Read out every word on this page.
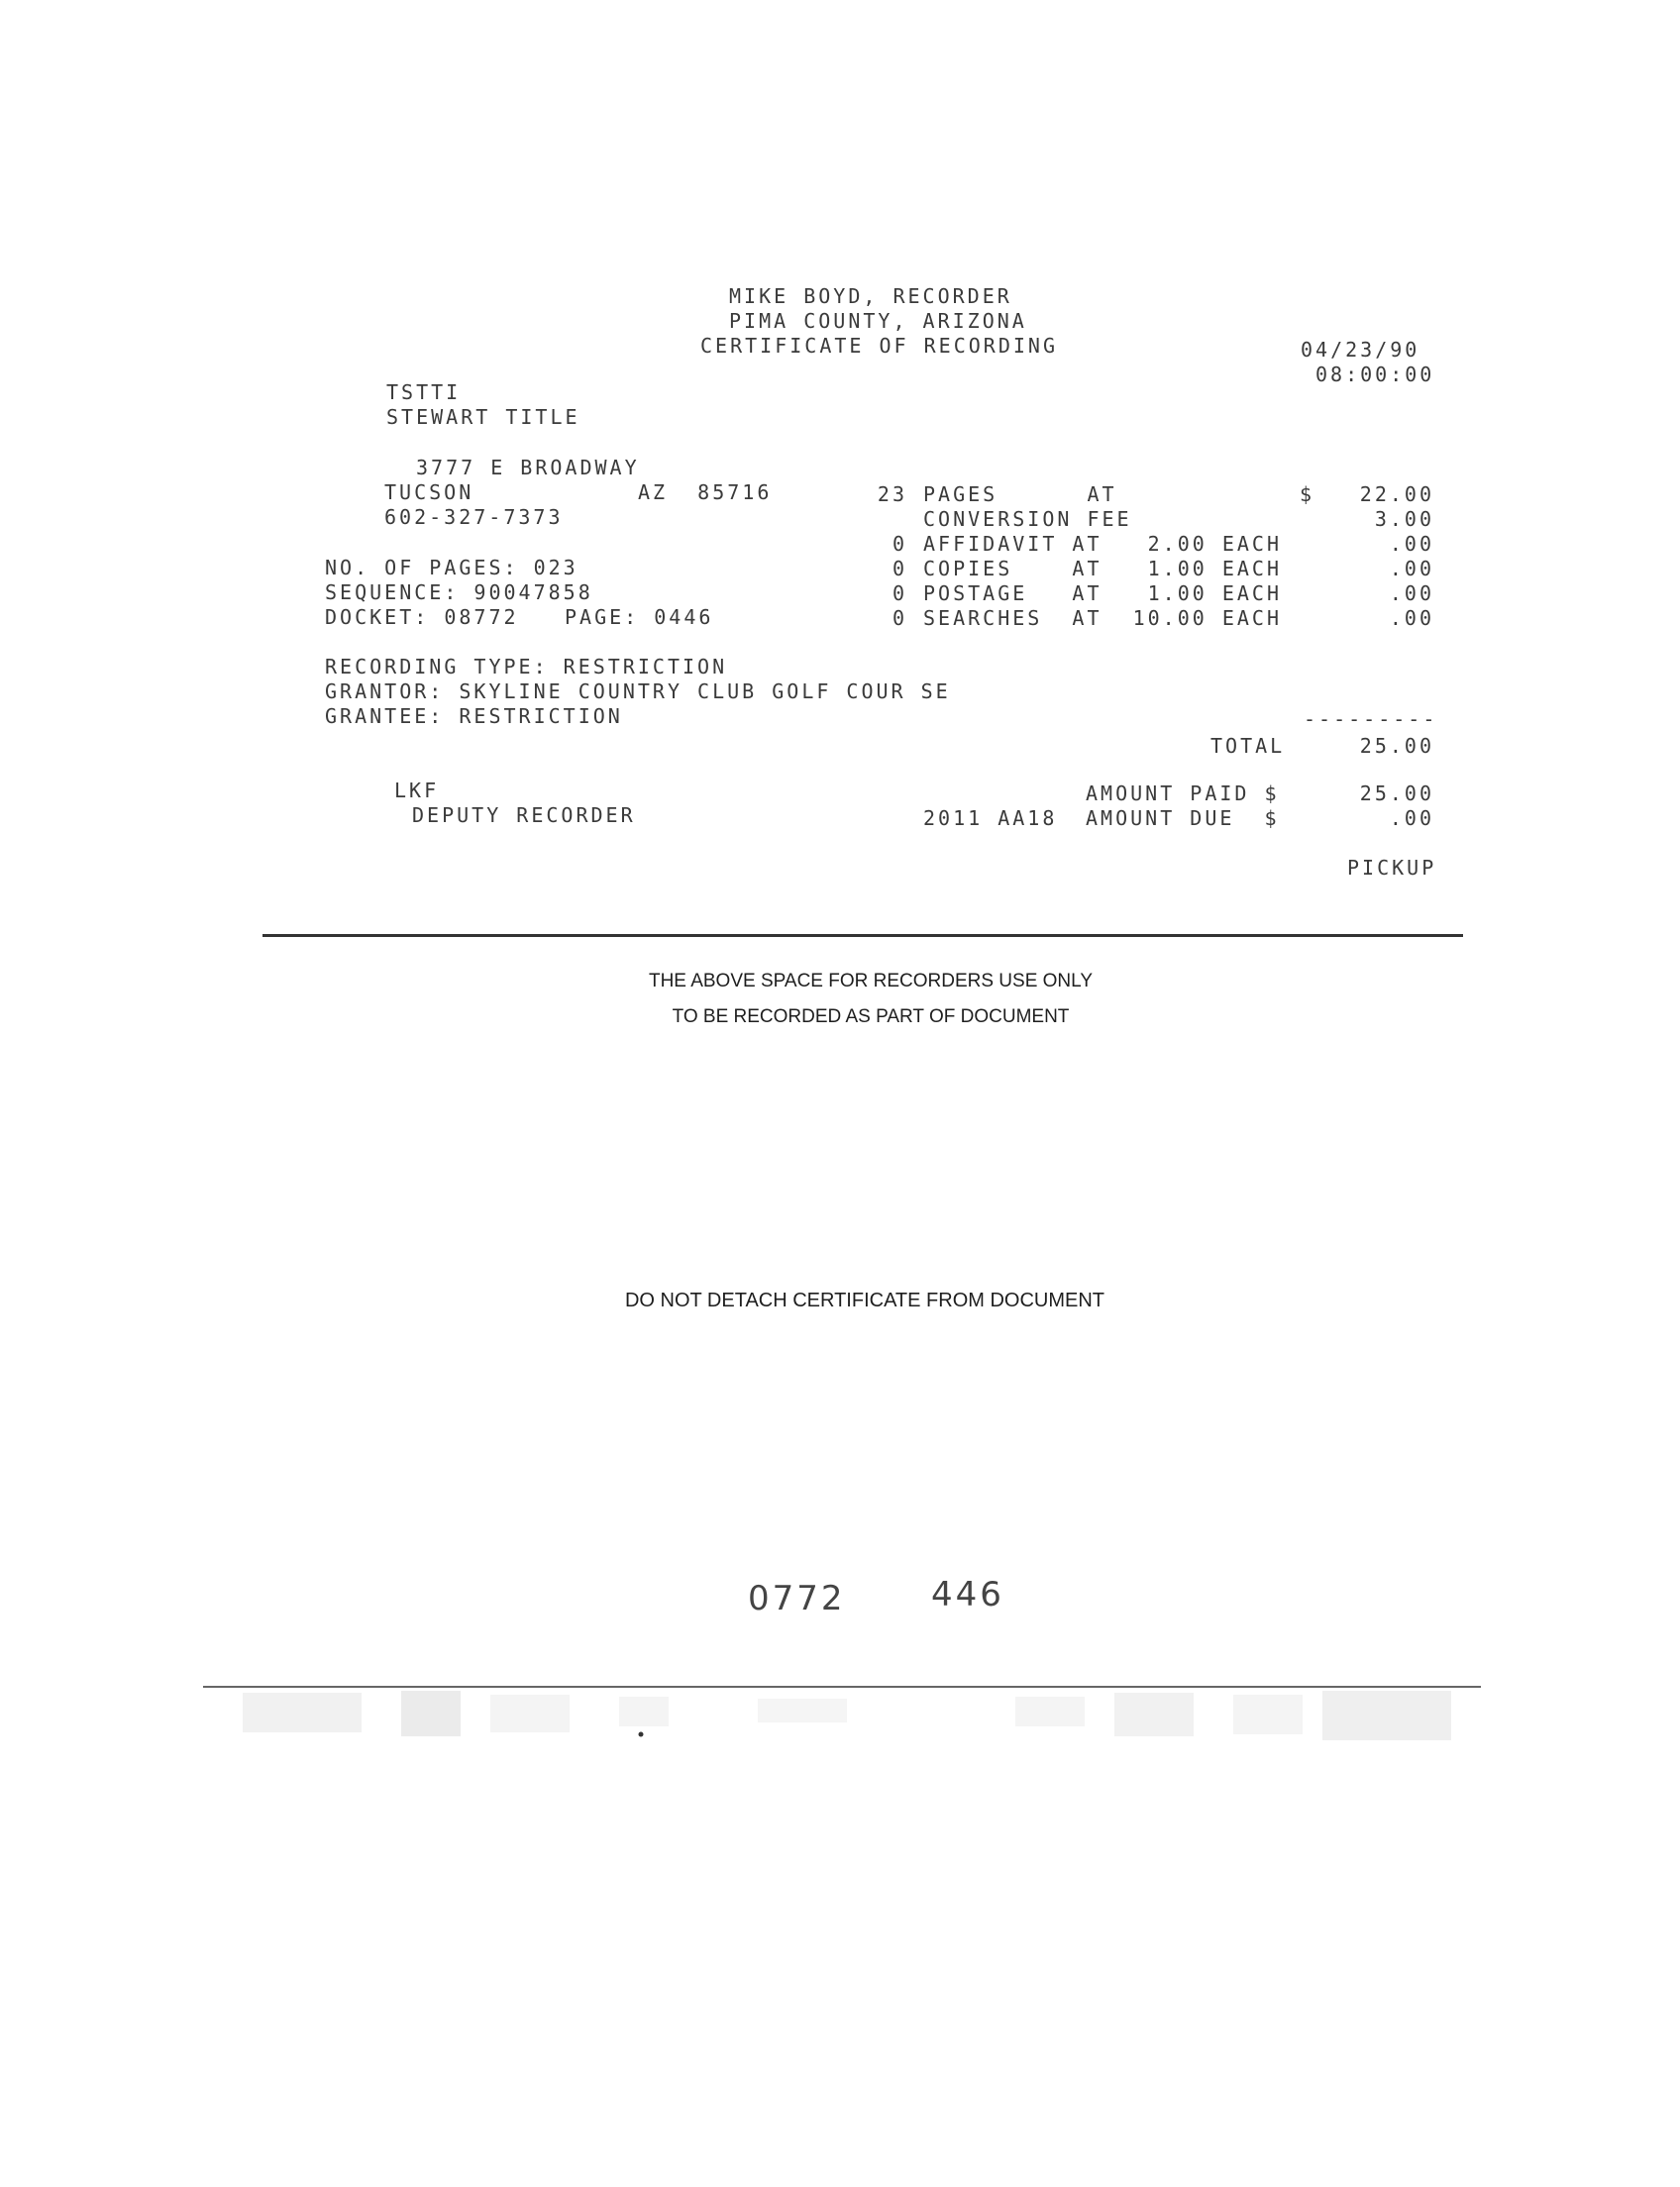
MIKE BOYD, RECORDER
PIMA COUNTY, ARIZONA
CERTIFICATE OF RECORDING	04/23/90
08:00:00
TSTTI
STEWART TITLE
3777 E BROADWAY
TUCSON	AZ  85716
602-327-7373
NO. OF PAGES: 023
SEQUENCE: 90047858
DOCKET: 08772 PAGE: 0446
RECORDING TYPE: RESTRICTION
GRANTOR: SKYLINE COUNTRY CLUB GOLF COUR SE
GRANTEE: RESTRICTION
23 PAGES      AT	$	22.00
CONVERSION FEE	3.00
0 AFFIDAVIT AT	2.00 EACH	.00
0 COPIES    AT	1.00 EACH	.00
0 POSTAGE   AT	1.00 EACH	.00
0 SEARCHES  AT	10.00 EACH	.00
---------
TOTAL	25.00
LKF
DEPUTY RECORDER
AMOUNT PAID $	25.00
2011 AA18 AMOUNT DUE  $	.00
PICKUP
THE ABOVE SPACE FOR RECORDERS USE ONLY
TO BE RECORDED AS PART OF DOCUMENT
DO NOT DETACH CERTIFICATE FROM DOCUMENT
0772	446
